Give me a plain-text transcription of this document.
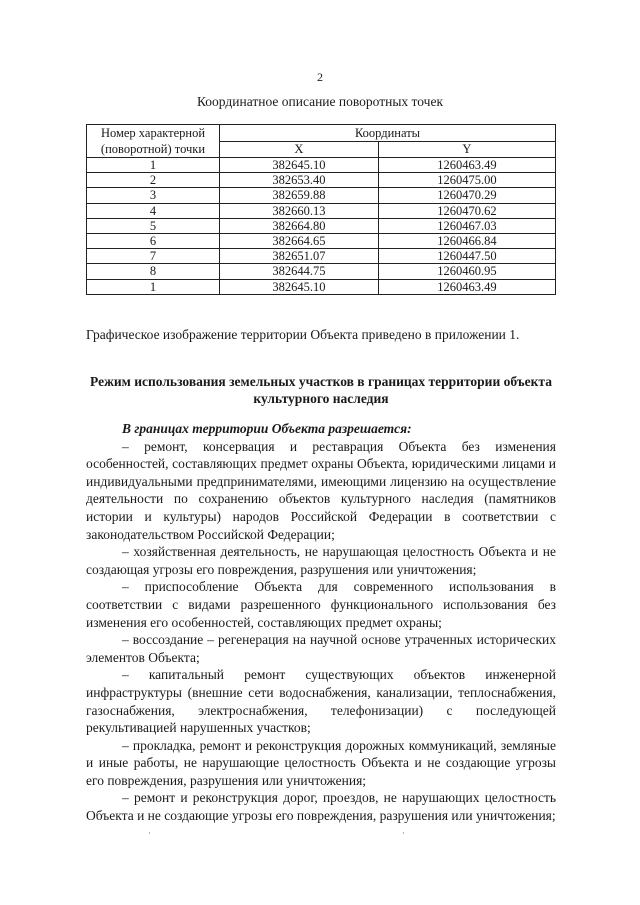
2
Координатное описание поворотных точек
Номер характерной (поворотной) точки	Координаты	
	X	Y
1	382645.10	1260463.49
2	382653.40	1260475.00
3	382659.88	1260470.29
4	382660.13	1260470.62
5	382664.80	1260467.03
6	382664.65	1260466.84
7	382651.07	1260447.50
8	382644.75	1260460.95
1	382645.10	1260463.49
Графическое изображение территории Объекта приведено в приложении 1.
Режим использования земельных участков в границах территории объекта культурного наследия
В границах территории Объекта разрешается:

– ремонт, консервация и реставрация Объекта без изменения особенностей, составляющих предмет охраны Объекта, юридическими лицами и индивидуальными предпринимателями, имеющими лицензию на осуществление деятельности по сохранению объектов культурного наследия (памятников истории и культуры) народов Российской Федерации в соответствии с законодательством Российской Федерации;

– хозяйственная деятельность, не нарушающая целостность Объекта и не создающая угрозы его повреждения, разрушения или уничтожения;

– приспособление Объекта для современного использования в соответствии с видами разрешенного функционального использования без изменения его особенностей, составляющих предмет охраны;

– воссоздание – регенерация на научной основе утраченных исторических элементов Объекта;

– капитальный ремонт существующих объектов инженерной инфраструктуры (внешние сети водоснабжения, канализации, теплоснабжения, газоснабжения, электроснабжения, телефонизации) с последующей рекультивацией нарушенных участков;

– прокладка, ремонт и реконструкция дорожных коммуникаций, земляные и иные работы, не нарушающие целостность Объекта и не создающие угрозы его повреждения, разрушения или уничтожения;

– ремонт и реконструкция дорог, проездов, не нарушающих целостность Объекта и не создающие угрозы его повреждения, разрушения или уничтожения;

·	·
